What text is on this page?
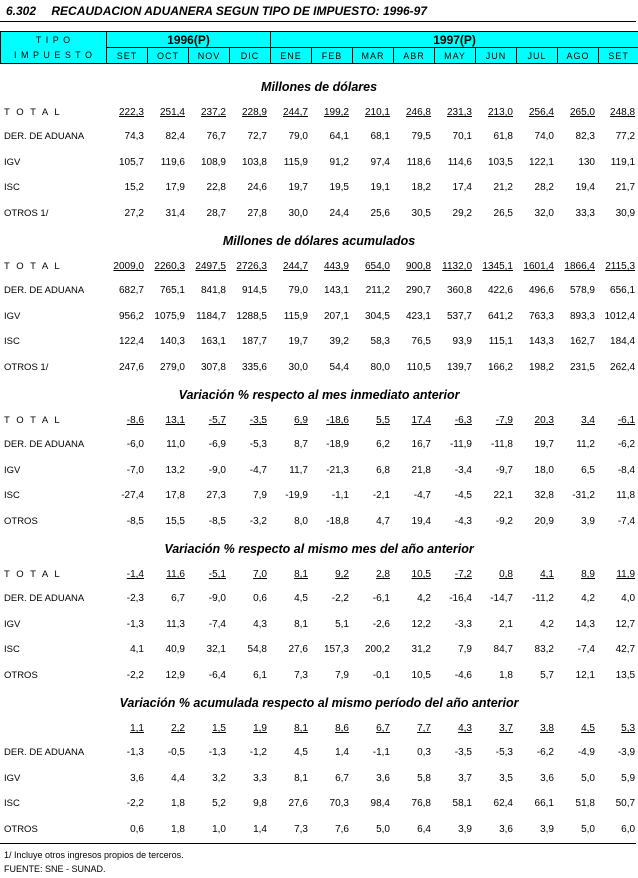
6.302 RECAUDACION ADUANERA SEGUN TIPO DE IMPUESTO: 1996-97
T I P O	1996(P)				1997(P)								
I M P U E S T O	SET	OCT	NOV	DIC	ENE	FEB	MAR	ABR	MAY	JUN	JUL	AGO	SET
Millones de dólares													
T O T A L	222,3	251,4	237,2	228,9	244,7	199,2	210,1	246,8	231,3	213,0	256,4	265,0	248,8
DER. DE ADUANA	74,3	82,4	76,7	72,7	79,0	64,1	68,1	79,5	70,1	61,8	74,0	82,3	77,2
IGV	105,7	119,6	108,9	103,8	115,9	91,2	97,4	118,6	114,6	103,5	122,1	130	119,1
ISC	15,2	17,9	22,8	24,6	19,7	19,5	19,1	18,2	17,4	21,2	28,2	19,4	21,7
OTROS 1/	27,2	31,4	28,7	27,8	30,0	24,4	25,6	30,5	29,2	26,5	32,0	33,3	30,9
Millones de dólares acumulados													
T O T A L	2009,0	2260,3	2497,5	2726,3	244,7	443,9	654,0	900,8	1132,0	1345,1	1601,4	1866,4	2115,3
DER. DE ADUANA	682,7	765,1	841,8	914,5	79,0	143,1	211,2	290,7	360,8	422,6	496,6	578,9	656,1
IGV	956,2	1075,9	1184,7	1288,5	115,9	207,1	304,5	423,1	537,7	641,2	763,3	893,3	1012,4
ISC	122,4	140,3	163,1	187,7	19,7	39,2	58,3	76,5	93,9	115,1	143,3	162,7	184,4
OTROS 1/	247,6	279,0	307,8	335,6	30,0	54,4	80,0	110,5	139,7	166,2	198,2	231,5	262,4
Variación % respecto al mes inmediato anterior													
T O T A L	-8,6	13,1	-5,7	-3,5	6,9	-18,6	5,5	17,4	-6,3	-7,9	20,3	3,4	-6,1
DER. DE ADUANA	-6,0	11,0	-6,9	-5,3	8,7	-18,9	6,2	16,7	-11,9	-11,8	19,7	11,2	-6,2
IGV	-7,0	13,2	-9,0	-4,7	11,7	-21,3	6,8	21,8	-3,4	-9,7	18,0	6,5	-8,4
ISC	-27,4	17,8	27,3	7,9	-19,9	-1,1	-2,1	-4,7	-4,5	22,1	32,8	-31,2	11,8
OTROS	-8,5	15,5	-8,5	-3,2	8,0	-18,8	4,7	19,4	-4,3	-9,2	20,9	3,9	-7,4
Variación % respecto al mismo mes del año anterior													
T O T A L	-1,4	11,6	-5,1	7,0	8,1	9,2	2,8	10,5	-7,2	0,8	4,1	8,9	11,9
DER. DE ADUANA	-2,3	6,7	-9,0	0,6	4,5	-2,2	-6,1	4,2	-16,4	-14,7	-11,2	4,2	4,0
IGV	-1,3	11,3	-7,4	4,3	8,1	5,1	-2,6	12,2	-3,3	2,1	4,2	14,3	12,7
ISC	4,1	40,9	32,1	54,8	27,6	157,3	200,2	31,2	7,9	84,7	83,2	-7,4	42,7
OTROS	-2,2	12,9	-6,4	6,1	7,3	7,9	-0,1	10,5	-4,6	1,8	5,7	12,1	13,5
Variación % acumulada respecto al mismo período del año anterior													
	1,1	2,2	1,5	1,9	8,1	8,6	6,7	7,7	4,3	3,7	3,8	4,5	5,3
DER. DE ADUANA	-1,3	-0,5	-1,3	-1,2	4,5	1,4	-1,1	0,3	-3,5	-5,3	-6,2	-4,9	-3,9
IGV	3,6	4,4	3,2	3,3	8,1	6,7	3,6	5,8	3,7	3,5	3,6	5,0	5,9
ISC	-2,2	1,8	5,2	9,8	27,6	70,3	98,4	76,8	58,1	62,4	66,1	51,8	50,7
OTROS	0,6	1,8	1,0	1,4	7,3	7,6	5,0	6,4	3,9	3,6	3,9	5,0	6,0
1/ Incluye otros ingresos propios de terceros.
FUENTE: SNE - SUNAD.
